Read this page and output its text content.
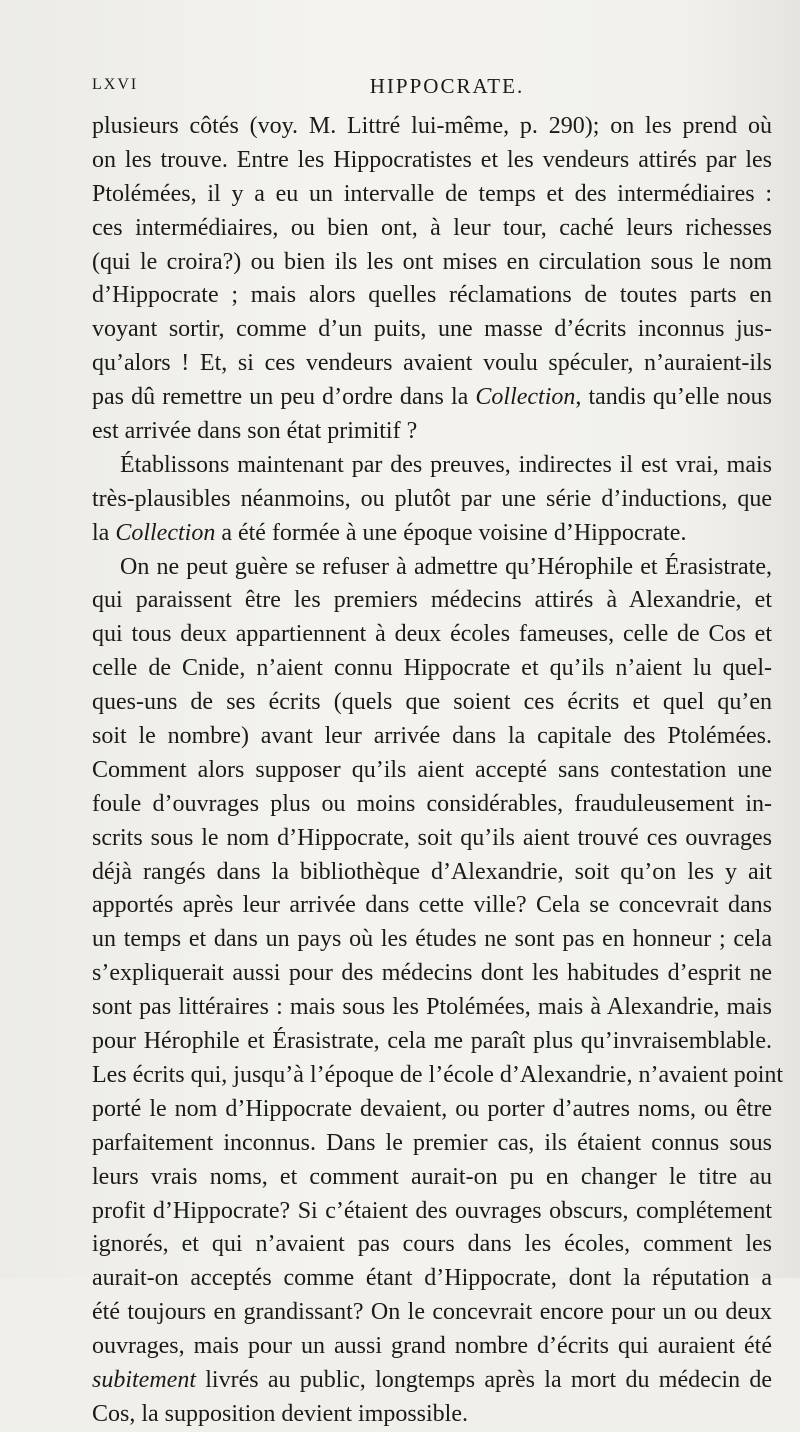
LXVI	HIPPOCRATE.
plusieurs côtés (voy. M. Littré lui-même, p. 290); on les prend où
on les trouve. Entre les Hippocratistes et les vendeurs attirés par les
Ptolémées, il y a eu un intervalle de temps et des intermédiaires :
ces intermédiaires, ou bien ont, à leur tour, caché leurs richesses
(qui le croira?) ou bien ils les ont mises en circulation sous le nom
d’Hippocrate ; mais alors quelles réclamations de toutes parts en
voyant sortir, comme d’un puits, une masse d’écrits inconnus jus-
qu’alors ! Et, si ces vendeurs avaient voulu spéculer, n’auraient-ils
pas dû remettre un peu d’ordre dans la Collection, tandis qu’elle nous
est arrivée dans son état primitif ?
Établissons maintenant par des preuves, indirectes il est vrai, mais
très-plausibles néanmoins, ou plutôt par une série d’inductions, que
la Collection a été formée à une époque voisine d’Hippocrate.
On ne peut guère se refuser à admettre qu’Hérophile et Érasistrate,
qui paraissent être les premiers médecins attirés à Alexandrie, et
qui tous deux appartiennent à deux écoles fameuses, celle de Cos et
celle de Cnide, n’aient connu Hippocrate et qu’ils n’aient lu quel-
ques-uns de ses écrits (quels que soient ces écrits et quel qu’en
soit le nombre) avant leur arrivée dans la capitale des Ptolémées.
Comment alors supposer qu’ils aient accepté sans contestation une
foule d’ouvrages plus ou moins considérables, frauduleusement in-
scrits sous le nom d’Hippocrate, soit qu’ils aient trouvé ces ouvrages
déjà rangés dans la bibliothèque d’Alexandrie, soit qu’on les y ait
apportés après leur arrivée dans cette ville? Cela se concevrait dans
un temps et dans un pays où les études ne sont pas en honneur ; cela
s’expliquerait aussi pour des médecins dont les habitudes d’esprit ne
sont pas littéraires : mais sous les Ptolémées, mais à Alexandrie, mais
pour Hérophile et Érasistrate, cela me paraît plus qu’invraisemblable.
Les écrits qui, jusqu’à l’époque de l’école d’Alexandrie, n’avaient point
porté le nom d’Hippocrate devaient, ou porter d’autres noms, ou être
parfaitement inconnus. Dans le premier cas, ils étaient connus sous
leurs vrais noms, et comment aurait-on pu en changer le titre au
profit d’Hippocrate? Si c’étaient des ouvrages obscurs, complétement
ignorés, et qui n’avaient pas cours dans les écoles, comment les
aurait-on acceptés comme étant d’Hippocrate, dont la réputation a
été toujours en grandissant? On le concevrait encore pour un ou deux
ouvrages, mais pour un aussi grand nombre d’écrits qui auraient été
subitement livrés au public, longtemps après la mort du médecin de
Cos, la supposition devient impossible.
